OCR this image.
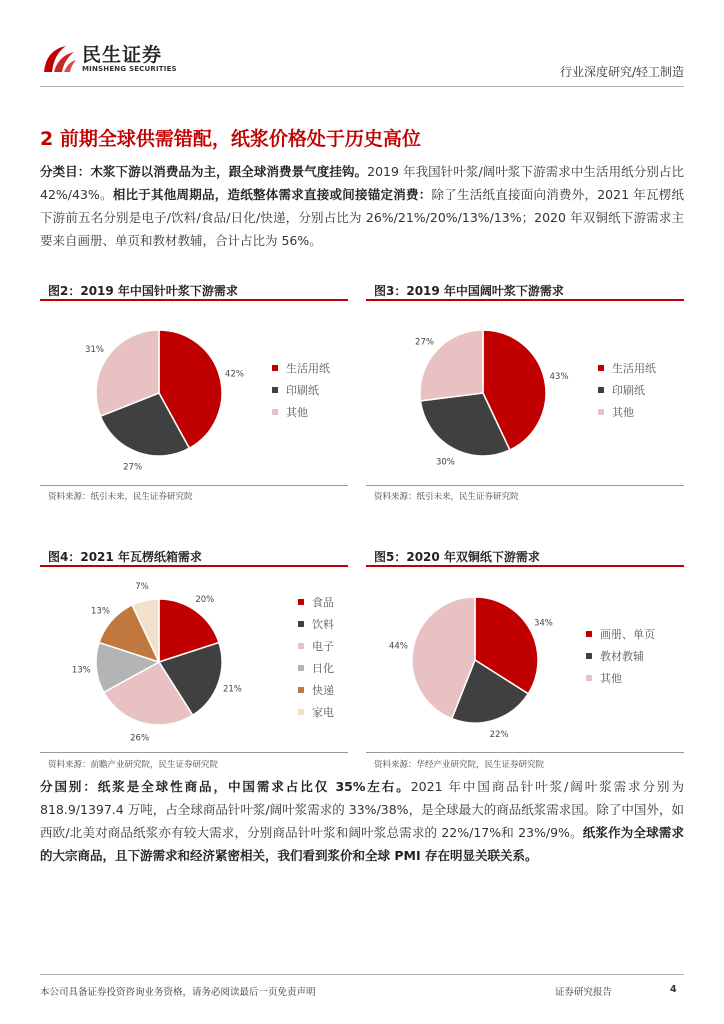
民生证券
MINSHENG SECURITIES	行业深度研究/轻工制造
2 前期全球供需错配，纸浆价格处于历史高位
分类目：木浆下游以消费品为主，跟全球消费景气度挂钩。2019 年我国针叶浆/阔叶浆下游需求中生活用纸分别占比 42%/43%。相比于其他周期品，造纸整体需求直接或间接锚定消费：除了生活纸直接面向消费外，2021 年瓦楞纸下游前五名分别是电子/饮料/食品/日化/快递，分别占比为 26%/21%/20%/13%/13%；2020 年双铜纸下游需求主要来自画册、单页和教材教辅，合计占比为 56%。
图2：2019 年中国针叶浆下游需求
42%
27%
31%
生活用纸
印刷纸
其他
资料来源：纸引未来，民生证券研究院
图3：2019 年中国阔叶浆下游需求
43%
30%
27%
生活用纸
印刷纸
其他
资料来源：纸引未来，民生证券研究院
图4：2021 年瓦楞纸箱需求
20%
21%
26%
13%
13%
7%
食品
饮料
电子
日化
快递
家电
资料来源：前瞻产业研究院，民生证券研究院
图5：2020 年双铜纸下游需求
34%
22%
44%
画册、单页
教材教辅
其他
资料来源：华经产业研究院，民生证券研究院
分国别：纸浆是全球性商品，中国需求占比仅 35%左右。2021 年中国商品针叶浆/阔叶浆需求分别为 818.9/1397.4 万吨，占全球商品针叶浆/阔叶浆需求的 33%/38%，是全球最大的商品纸浆需求国。除了中国外，如西欧/北美对商品纸浆亦有较大需求，分别商品针叶浆和阔叶浆总需求的 22%/17%和 23%/9%。纸浆作为全球需求的大宗商品，且下游需求和经济紧密相关，我们看到浆价和全球 PMI 存在明显关联关系。
本公司具备证券投资咨询业务资格，请务必阅读最后一页免责声明	证券研究报告	4
